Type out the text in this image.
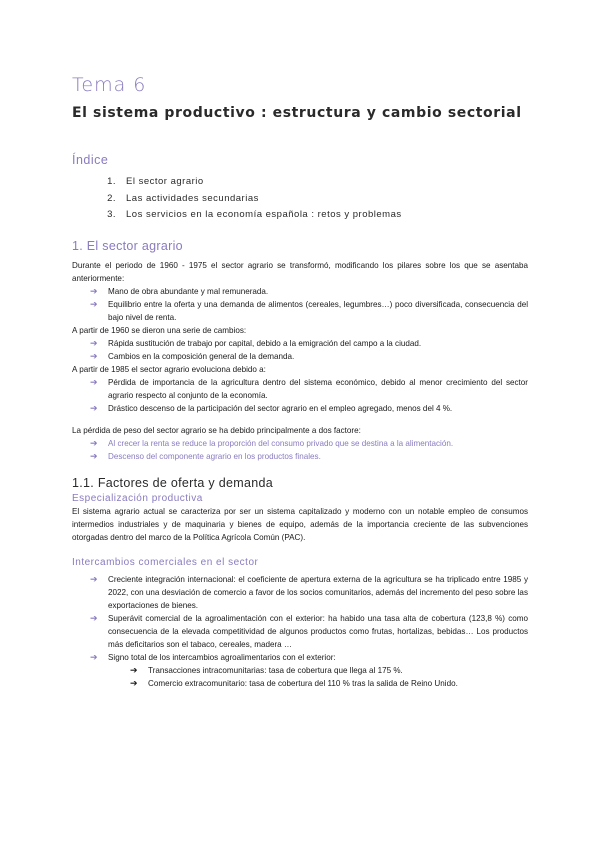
Tema 6
El sistema productivo : estructura y cambio sectorial
Índice
1. El sector agrario
2. Las actividades secundarias
3. Los servicios en la economía española : retos y problemas
1. El sector agrario

Durante el periodo de 1960 - 1975 el sector agrario se transformó, modificando los pilares sobre los que se asentaba anteriormente:

➔ Mano de obra abundante y mal remunerada.
➔ Equilibrio entre la oferta y una demanda de alimentos (cereales, legumbres…) poco diversificada, consecuencia del bajo nivel de renta.

A partir de 1960 se dieron una serie de cambios:

➔ Rápida sustitución de trabajo por capital, debido a la emigración del campo a la ciudad.
➔ Cambios en la composición general de la demanda.

A partir de 1985 el sector agrario evoluciona debido a:

➔ Pérdida de importancia de la agricultura dentro del sistema económico, debido al menor crecimiento del sector agrario respecto al conjunto de la economía.
➔ Drástico descenso de la participación del sector agrario en el empleo agregado, menos del 4 %.

La pérdida de peso del sector agrario se ha debido principalmente a dos factore:

➔ Al crecer la renta se reduce la proporción del consumo privado que se destina a la alimentación.
➔ Descenso del componente agrario en los productos finales.
1.1. Factores de oferta y demanda
Especialización productiva

El sistema agrario actual se caracteriza por ser un sistema capitalizado y moderno con un notable empleo de consumos intermedios industriales y de maquinaria y bienes de equipo, además de la importancia creciente de las subvenciones otorgadas dentro del marco de la Política Agrícola Común (PAC).

Intercambios comerciales en el sector
➔ Creciente integración internacional: el coeficiente de apertura externa de la agricultura se ha triplicado entre 1985 y 2022, con una desviación de comercio a favor de los socios comunitarios, además del incremento del peso sobre las exportaciones de bienes.
➔ Superávit comercial de la agroalimentación con el exterior: ha habido una tasa alta de cobertura (123,8 %) como consecuencia de la elevada competitividad de algunos productos como frutas, hortalizas, bebidas… Los productos más deficitarios son el tabaco, cereales, madera …
➔ Signo total de los intercambios agroalimentarios con el exterior:
➔ Transacciones intracomunitarias: tasa de cobertura que llega al 175 %.
➔ Comercio extracomunitario: tasa de cobertura del 110 % tras la salida de Reino Unido.
